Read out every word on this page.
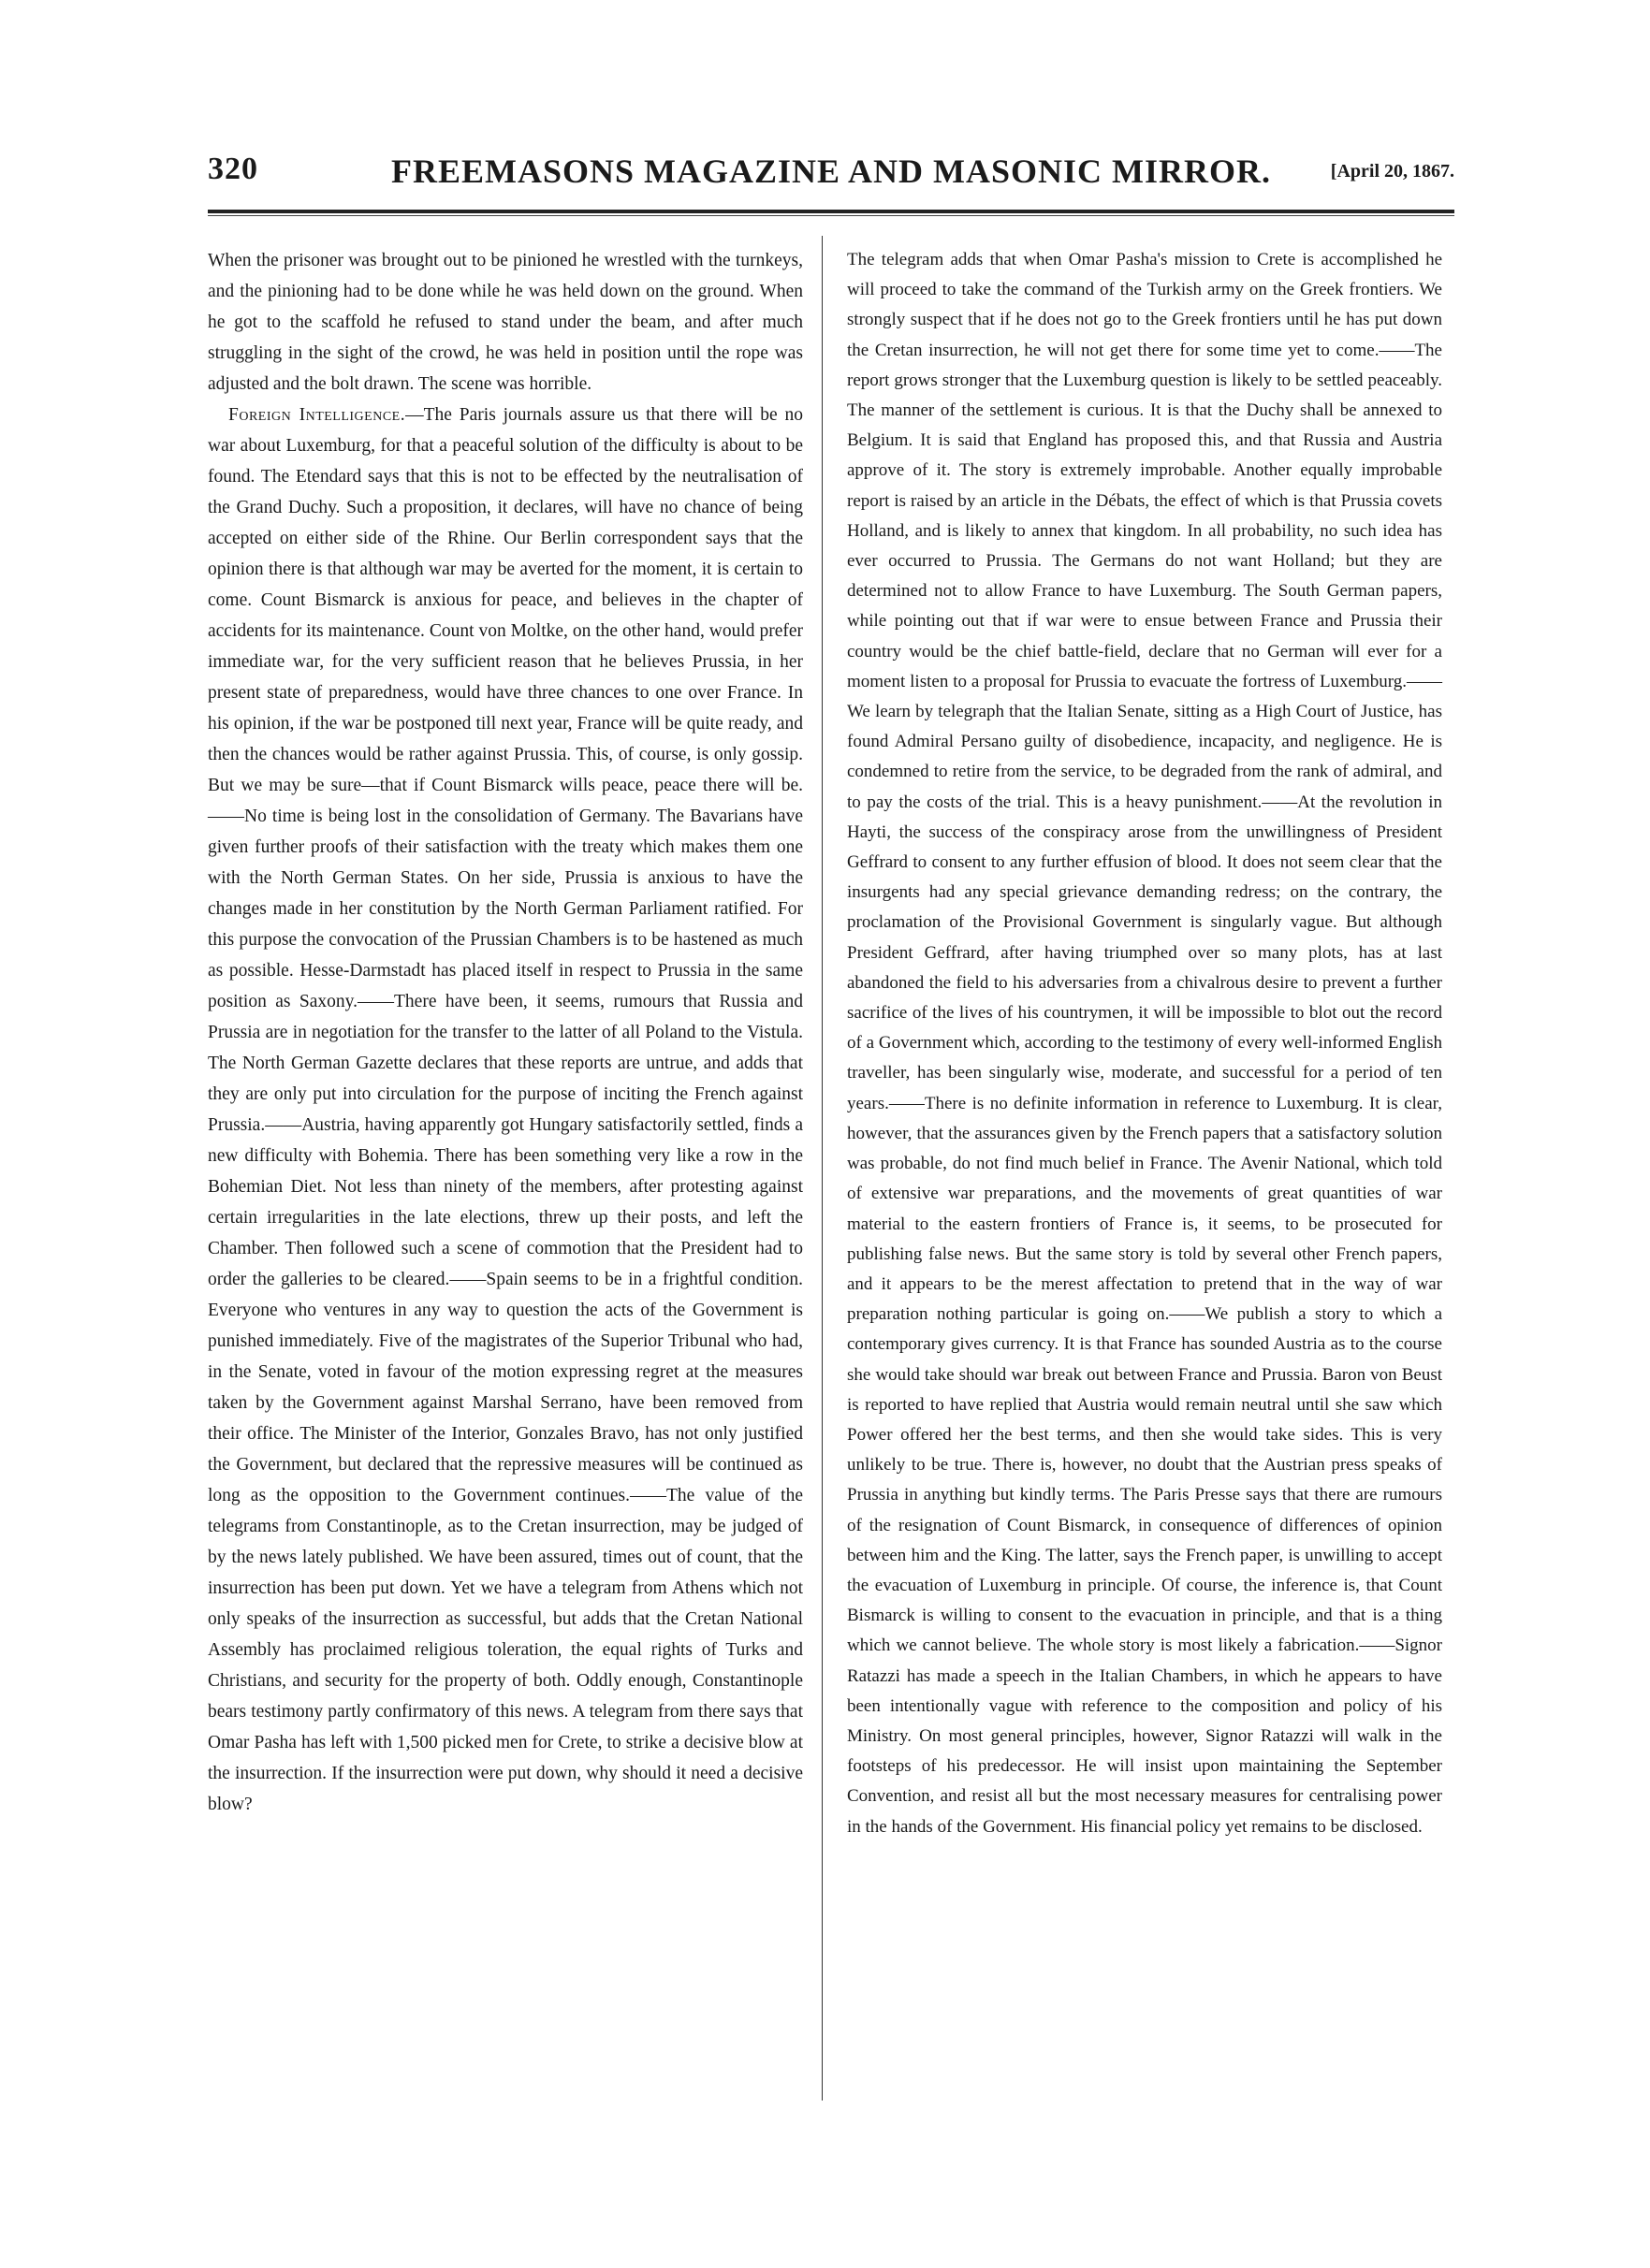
320	FREEMASONS MAGAZINE AND MASONIC MIRROR.	[April 20, 1867.

When the prisoner was brought out to be pinioned he wrestled with the turnkeys, and the pinioning had to be done while he was held down on the ground. When he got to the scaffold he refused to stand under the beam, and after much struggling in the sight of the crowd, he was held in position until the rope was adjusted and the bolt drawn. The scene was horrible.

Foreign Intelligence.—The Paris journals assure us that there will be no war about Luxemburg, for that a peaceful solution of the difficulty is about to be found. The Etendard says that this is not to be effected by the neutralisation of the Grand Duchy. Such a proposition, it declares, will have no chance of being accepted on either side of the Rhine. Our Berlin correspondent says that the opinion there is that although war may be averted for the moment, it is certain to come. Count Bismarck is anxious for peace, and believes in the chapter of accidents for its maintenance. Count von Moltke, on the other hand, would prefer immediate war, for the very sufficient reason that he believes Prussia, in her present state of preparedness, would have three chances to one over France. In his opinion, if the war be postponed till next year, France will be quite ready, and then the chances would be rather against Prussia. This, of course, is only gossip. But we may be sure—that if Count Bismarck wills peace, peace there will be.——No time is being lost in the consolidation of Germany. The Bavarians have given further proofs of their satisfaction with the treaty which makes them one with the North German States. On her side, Prussia is anxious to have the changes made in her constitution by the North German Parliament ratified. For this purpose the convocation of the Prussian Chambers is to be hastened as much as possible. Hesse-Darmstadt has placed itself in respect to Prussia in the same position as Saxony.——There have been, it seems, rumours that Russia and Prussia are in negotiation for the transfer to the latter of all Poland to the Vistula. The North German Gazette declares that these reports are untrue, and adds that they are only put into circulation for the purpose of inciting the French against Prussia.——Austria, having apparently got Hungary satisfactorily settled, finds a new difficulty with Bohemia. There has been something very like a row in the Bohemian Diet. Not less than ninety of the members, after protesting against certain irregularities in the late elections, threw up their posts, and left the Chamber. Then followed such a scene of commotion that the President had to order the galleries to be cleared.——Spain seems to be in a frightful condition. Everyone who ventures in any way to question the acts of the Government is punished immediately. Five of the magistrates of the Superior Tribunal who had, in the Senate, voted in favour of the motion expressing regret at the measures taken by the Government against Marshal Serrano, have been removed from their office. The Minister of the Interior, Gonzales Bravo, has not only justified the Government, but declared that the repressive measures will be continued as long as the opposition to the Government continues.——The value of the telegrams from Constantinople, as to the Cretan insurrection, may be judged of by the news lately published. We have been assured, times out of count, that the insurrection has been put down. Yet we have a telegram from Athens which not only speaks of the insurrection as successful, but adds that the Cretan National Assembly has proclaimed religious toleration, the equal rights of Turks and Christians, and security for the property of both. Oddly enough, Constantinople bears testimony partly confirmatory of this news. A telegram from there says that Omar Pasha has left with 1,500 picked men for Crete, to strike a decisive blow at the insurrection. If the insurrection were put down, why should it need a decisive blow?

The telegram adds that when Omar Pasha's mission to Crete is accomplished he will proceed to take the command of the Turkish army on the Greek frontiers. We strongly suspect that if he does not go to the Greek frontiers until he has put down the Cretan insurrection, he will not get there for some time yet to come.——The report grows stronger that the Luxemburg question is likely to be settled peaceably. The manner of the settlement is curious. It is that the Duchy shall be annexed to Belgium. It is said that England has proposed this, and that Russia and Austria approve of it. The story is extremely improbable. Another equally improbable report is raised by an article in the Débats, the effect of which is that Prussia covets Holland, and is likely to annex that kingdom. In all probability, no such idea has ever occurred to Prussia. The Germans do not want Holland; but they are determined not to allow France to have Luxemburg. The South German papers, while pointing out that if war were to ensue between France and Prussia their country would be the chief battle-field, declare that no German will ever for a moment listen to a proposal for Prussia to evacuate the fortress of Luxemburg.——We learn by telegraph that the Italian Senate, sitting as a High Court of Justice, has found Admiral Persano guilty of disobedience, incapacity, and negligence. He is condemned to retire from the service, to be degraded from the rank of admiral, and to pay the costs of the trial. This is a heavy punishment.——At the revolution in Hayti, the success of the conspiracy arose from the unwillingness of President Geffrard to consent to any further effusion of blood. It does not seem clear that the insurgents had any special grievance demanding redress; on the contrary, the proclamation of the Provisional Government is singularly vague. But although President Geffrard, after having triumphed over so many plots, has at last abandoned the field to his adversaries from a chivalrous desire to prevent a further sacrifice of the lives of his countrymen, it will be impossible to blot out the record of a Government which, according to the testimony of every well-informed English traveller, has been singularly wise, moderate, and successful for a period of ten years.——There is no definite information in reference to Luxemburg. It is clear, however, that the assurances given by the French papers that a satisfactory solution was probable, do not find much belief in France. The Avenir National, which told of extensive war preparations, and the movements of great quantities of war material to the eastern frontiers of France is, it seems, to be prosecuted for publishing false news. But the same story is told by several other French papers, and it appears to be the merest affectation to pretend that in the way of war preparation nothing particular is going on.——We publish a story to which a contemporary gives currency. It is that France has sounded Austria as to the course she would take should war break out between France and Prussia. Baron von Beust is reported to have replied that Austria would remain neutral until she saw which Power offered her the best terms, and then she would take sides. This is very unlikely to be true. There is, however, no doubt that the Austrian press speaks of Prussia in anything but kindly terms. The Paris Presse says that there are rumours of the resignation of Count Bismarck, in consequence of differences of opinion between him and the King. The latter, says the French paper, is unwilling to accept the evacuation of Luxemburg in principle. Of course, the inference is, that Count Bismarck is willing to consent to the evacuation in principle, and that is a thing which we cannot believe. The whole story is most likely a fabrication.——Signor Ratazzi has made a speech in the Italian Chambers, in which he appears to have been intentionally vague with reference to the composition and policy of his Ministry. On most general principles, however, Signor Ratazzi will walk in the footsteps of his predecessor. He will insist upon maintaining the September Convention, and resist all but the most necessary measures for centralising power in the hands of the Government. His financial policy yet remains to be disclosed.
